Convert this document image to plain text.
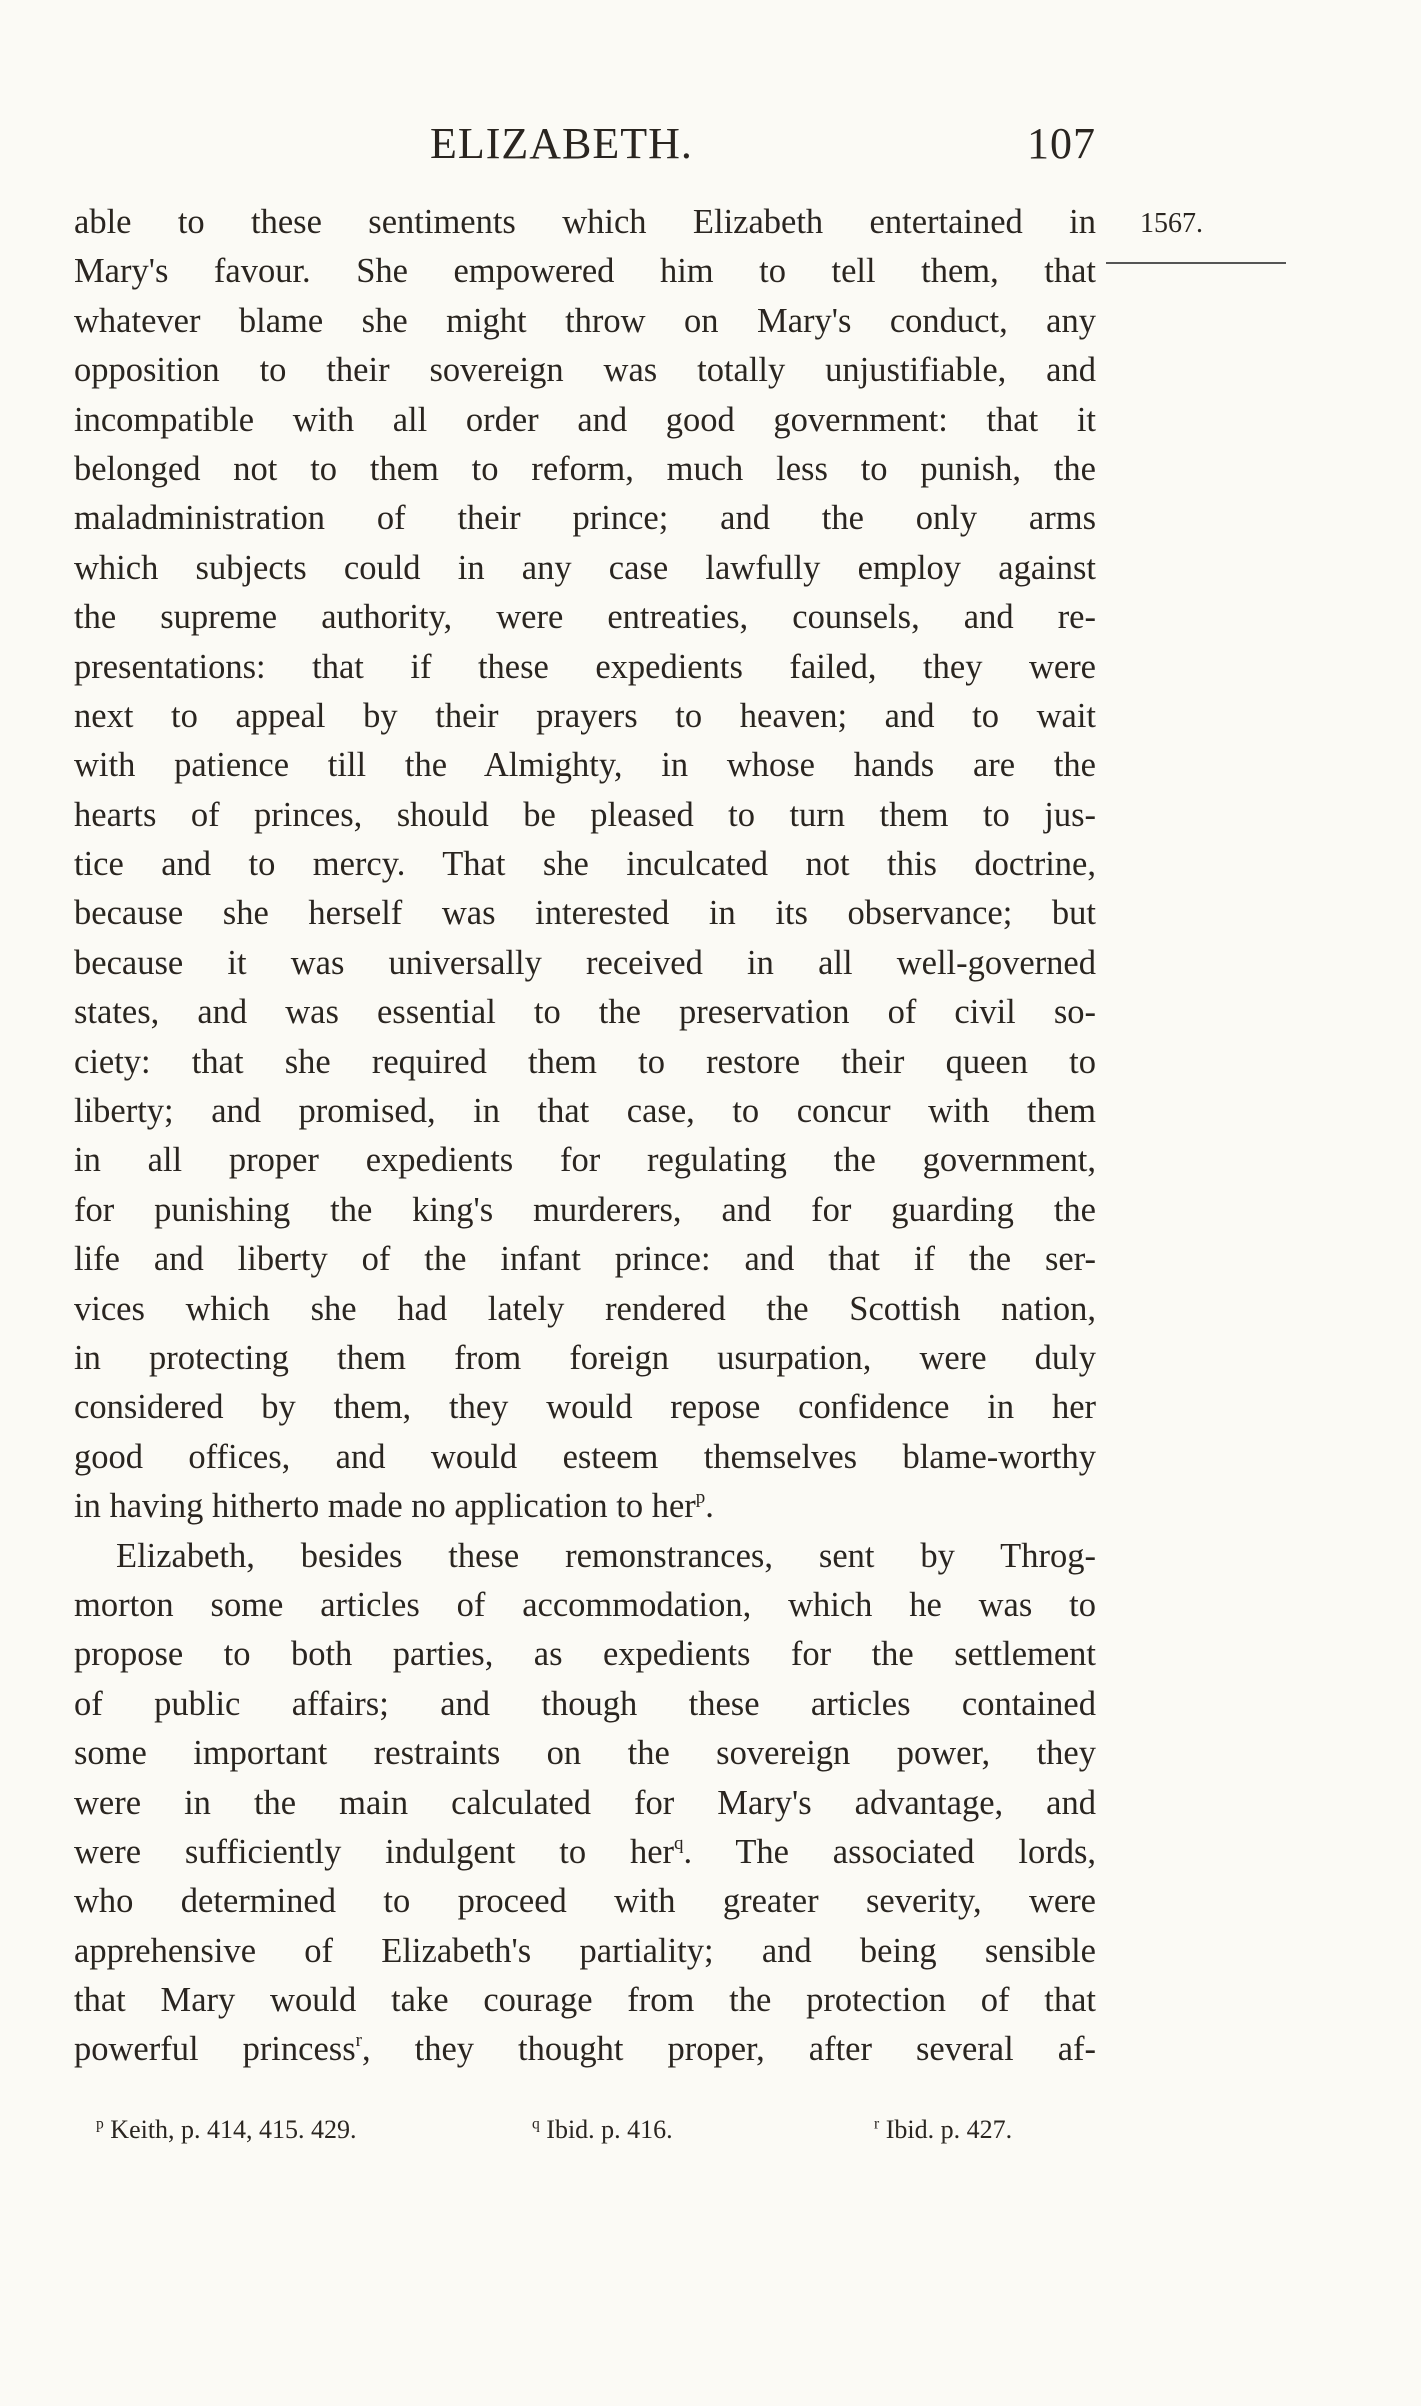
ELIZABETH.	107
1567.
able to these sentiments which Elizabeth entertained in
Mary's favour. She empowered him to tell them, that
whatever blame she might throw on Mary's conduct, any
opposition to their sovereign was totally unjustifiable, and
incompatible with all order and good government: that it
belonged not to them to reform, much less to punish, the
maladministration of their prince; and the only arms
which subjects could in any case lawfully employ against
the supreme authority, were entreaties, counsels, and re-
presentations: that if these expedients failed, they were
next to appeal by their prayers to heaven; and to wait
with patience till the Almighty, in whose hands are the
hearts of princes, should be pleased to turn them to jus-
tice and to mercy. That she inculcated not this doctrine,
because she herself was interested in its observance; but
because it was universally received in all well-governed
states, and was essential to the preservation of civil so-
ciety: that she required them to restore their queen to
liberty; and promised, in that case, to concur with them
in all proper expedients for regulating the government,
for punishing the king's murderers, and for guarding the
life and liberty of the infant prince: and that if the ser-
vices which she had lately rendered the Scottish nation,
in protecting them from foreign usurpation, were duly
considered by them, they would repose confidence in her
good offices, and would esteem themselves blame-worthy
in having hitherto made no application to her$^p$.
Elizabeth, besides these remonstrances, sent by Throg-
morton some articles of accommodation, which he was to
propose to both parties, as expedients for the settlement
of public affairs; and though these articles contained
some important restraints on the sovereign power, they
were in the main calculated for Mary's advantage, and
were sufficiently indulgent to her$^q$. The associated lords,
who determined to proceed with greater severity, were
apprehensive of Elizabeth's partiality; and being sensible
that Mary would take courage from the protection of that
powerful princess$^r$, they thought proper, after several af-
$^p$ Keith, p. 414, 415. 429.	$^q$ Ibid. p. 416.	$^r$ Ibid. p. 427.
